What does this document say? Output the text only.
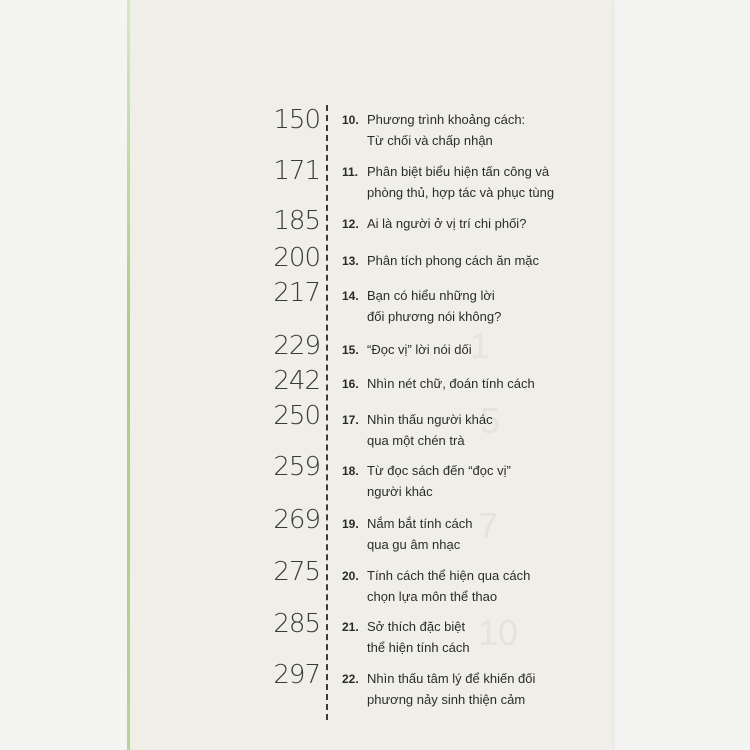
1
5
7
10
150 10. Phương trình khoảng cách:
Từ chối và chấp nhận
171 11. Phân biệt biểu hiện tấn công và
phòng thủ, hợp tác và phục tùng
185 12. Ai là người ở vị trí chi phối?
200 13. Phân tích phong cách ăn mặc
217 14. Bạn có hiểu những lời
đối phương nói không?
229 15. “Đọc vị” lời nói dối
242 16. Nhìn nét chữ, đoán tính cách
250 17. Nhìn thấu người khác
qua một chén trà
259 18. Từ đọc sách đến “đọc vị”
người khác
269 19. Nắm bắt tính cách
qua gu âm nhạc
275 20. Tính cách thể hiện qua cách
chọn lựa môn thể thao
285 21. Sở thích đặc biệt
thể hiện tính cách
297 22. Nhìn thấu tâm lý để khiến đối
phương nảy sinh thiện cảm
